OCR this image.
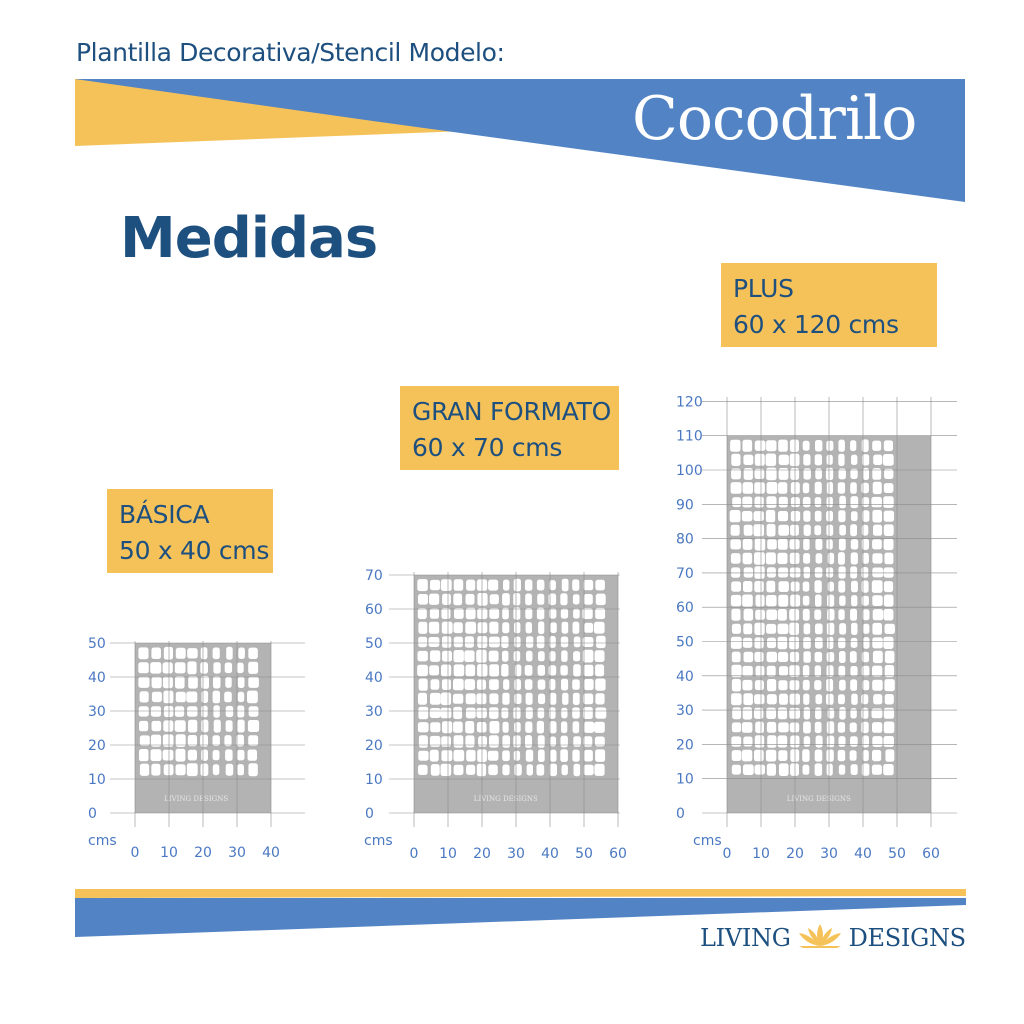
Plantilla Decorativa/Stencil Modelo:
Cocodrilo
Medidas
BÁSICA
50 x 40 cms
GRAN FORMATO
60 x 70 cms
PLUS
60 x 120 cms
LIVING DESIGNS
0
10
20
30
40
50
0 10 20 30 40
cms
LIVING DESIGNS
0
10
20
30
40
50
60
70
0 10 20 30 40 50 60
cms
LIVING DESIGNS
0
10
20
30
40
50
60
70
80
90
100
110
120
0 10 20 30 40 50 60
cms
LIVING DESIGNS
